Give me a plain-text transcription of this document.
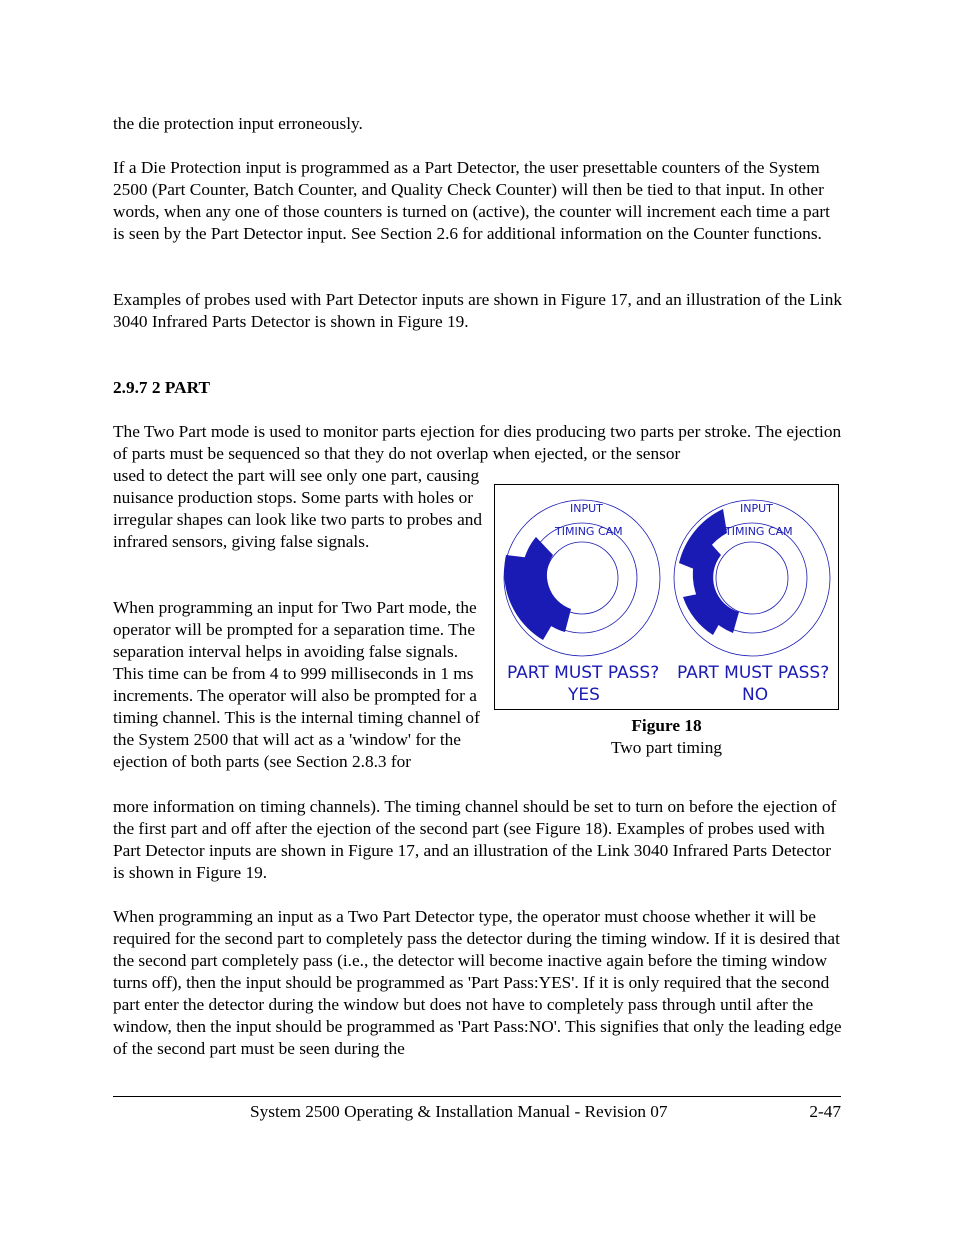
the die protection input erroneously.

If a Die Protection input is programmed as a Part Detector, the user presettable counters of the System 2500 (Part Counter, Batch Counter, and Quality Check Counter) will then be tied to that input. In other words, when any one of those counters is turned on (active), the counter will increment each time a part is seen by the Part Detector input. See Section 2.6 for additional information on the Counter functions.

Examples of probes used with Part Detector inputs are shown in Figure 17, and an illustration of the Link 3040 Infrared Parts Detector is shown in Figure 19.

2.9.7 2 PART

The Two Part mode is used to monitor parts ejection for dies producing two parts per stroke. The ejection of parts must be sequenced so that they do not overlap when ejected, or the sensor

used to detect the part will see only one part, causing nuisance production stops. Some parts with holes or irregular shapes can look like two parts to probes and infrared sensors, giving false signals.

When programming an input for Two Part mode, the operator will be prompted for a separation time. The separation interval helps in avoiding false signals. This time can be from 4 to 999 milliseconds in 1 ms increments. The operator will also be prompted for a timing channel. This is the internal timing channel of the System 2500 that will act as a 'window' for the ejection of both parts (see Section 2.8.3 for

more information on timing channels). The timing channel should be set to turn on before the ejection of the first part and off after the ejection of the second part (see Figure 18). Examples of probes used with Part Detector inputs are shown in Figure 17, and an illustration of the Link 3040 Infrared Parts Detector is shown in Figure 19.

When programming an input as a Two Part Detector type, the operator must choose whether it will be required for the second part to completely pass the detector during the timing window. If it is desired that the second part completely pass (i.e., the detector will become inactive again before the timing window turns off), then the input should be programmed as 'Part Pass:YES'. If it is only required that the second part enter the detector during the window but does not have to completely pass through until after the window, then the input should be programmed as 'Part Pass:NO'. This signifies that only the leading edge of the second part must be seen during the

INPUT
TIMING CAM
PART MUST PASS?
YES
INPUT
TIMING CAM
PART MUST PASS?
NO
Figure 18
Two part timing
System 2500 Operating & Installation Manual - Revision 07	2-47
